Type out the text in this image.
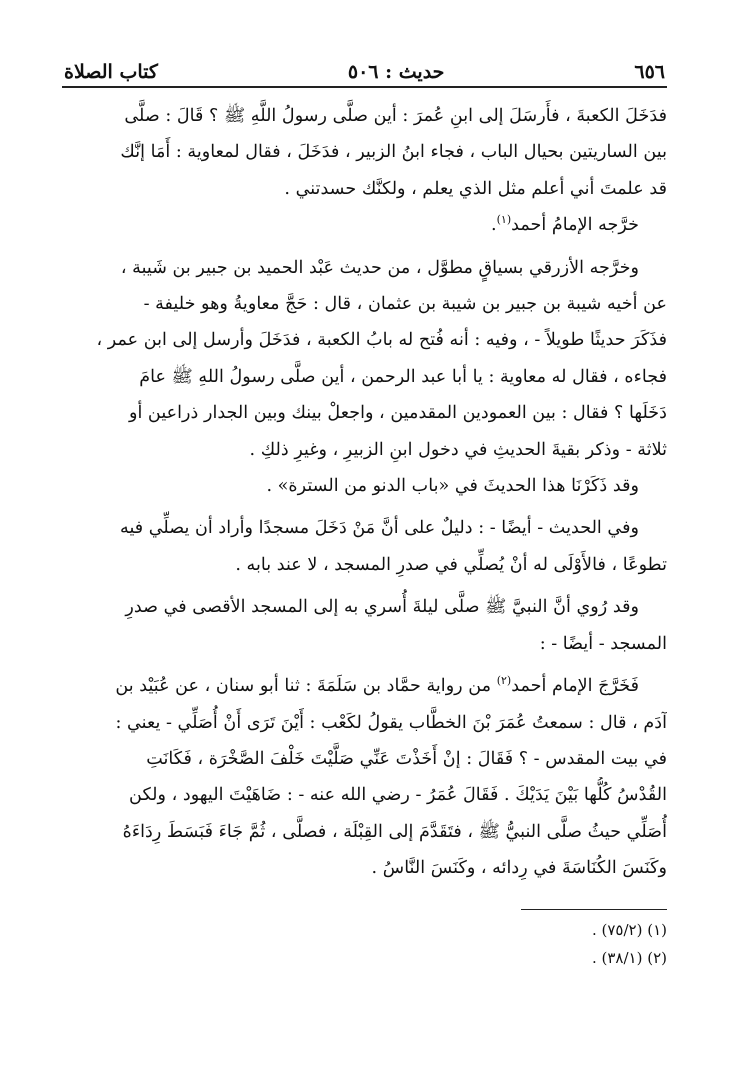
٦٥٦
حديث : ٥٠٦
كتاب الصلاة
فدَخَلَ الكعبةَ ، فأَرسَلَ إلى ابنِ عُمرَ : أين صلَّى رسولُ اللَّهِ ﷺ ؟ قَالَ : صلَّى
بين الساريتين بحيال الباب ، فجاء ابنُ الزبير ، فدَخَلَ ، فقال لمعاوية : أَمَا إنَّك
قد علمتَ أني أعلم مثل الذي يعلم ، ولكنَّك حسدتني .
خرَّجه الإمامُ أحمد$^{(١)}$.
وخرَّجه الأزرقي بسياقٍ مطوَّل ، من حديث عَبْد الحميد بن جبير بن شَيبة ،
عن أخيه شيبة بن جبير بن شيبة بن عثمان ، قال : حَجَّ معاويةُ وهو خليفة -
فذَكَرَ حديثًا طويلاً - ، وفيه : أنه فُتح له بابُ الكعبة ، فدَخَلَ وأرسل إلى ابن عمر ،
فجاءه ، فقال له معاوية : يا أبا عبد الرحمن ، أين صلَّى رسولُ اللهِ ﷺ عامَ
دَخَلَها ؟ فقال : بين العمودين المقدمين ، واجعلْ بينك وبين الجدار ذراعين أو
ثلاثة - وذكر بقيةَ الحديثِ في دخول ابنِ الزبيرِ ، وغيرِ ذلكِ .
وقد ذَكَرْنَا هذا الحديثَ في «باب الدنو من السترة» .
وفي الحديث - أيضًا - : دليلٌ على أنَّ مَنْ دَخَلَ مسجدًا وأراد أن يصلِّي فيه
تطوعًا ، فالأَوْلَى له أنْ يُصلِّي في صدرِ المسجد ، لا عند بابه .
وقد رُوي أنَّ النبيَّ ﷺ صلَّى ليلةَ أُسري به إلى المسجد الأقصى في صدرِ
المسجد - أيضًا - :
فَخَرَّجَ الإمام أحمد$^{(٢)}$ من رواية حمَّاد بن سَلَمَةَ : ثنا أبو سنان ، عن عُبَيْد بن
آدَم ، قال : سمعتُ عُمَرَ بْنَ الخطَّاب يقولُ لكَعْب : أَيْنَ تَرَى أَنْ أُصَلِّي - يعني :
في بيت المقدس - ؟ فَقَالَ : إنْ أَخَذْتَ عَنِّي صَلَّيْتَ خَلْفَ الصَّخْرَة ، فَكَانَتِ
القُدْسُ كُلُّها بَيْنَ يَدَيْكَ . فَقَالَ عُمَرُ - رضي الله عنه - : ضَاهَيْتَ اليهود ، ولكن
أُصَلِّي حيثُ صلَّى النبيُّ ﷺ ، فتَقَدَّمَ إلى القِبْلَة ، فصلَّى ، ثُمَّ جَاءَ فَبَسَطَ رِدَاءَهُ
وكَنَسَ الكُنَاسَةَ في رِدائه ، وكَنَسَ النَّاسُ .
(١) (٧٥/٢) .
(٢) (٣٨/١) .
